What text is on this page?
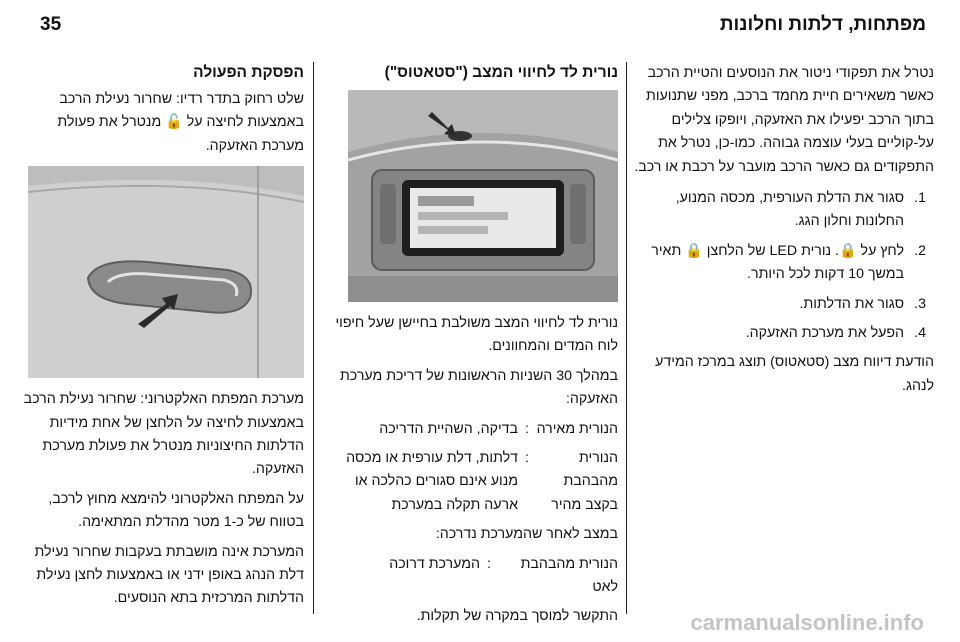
35	מפתחות, דלתות וחלונות

נטרל את תפקודי ניטור את הנוסעים והטיית הרכב כאשר משאירים חיית מחמד ברכב, מפני שתנועות בתוך הרכב יפעילו את האזעקה, ויופקו צלילים על-קוליים בעלי עוצמה גבוהה. כמו-כן, נטרל את התפקודים גם כאשר הרכב מועבר על רכבת או רכב.

1.
סגור את הדלת העורפית, מכסה המנוע, החלונות וחלון הגג.
2.
לחץ על 🔒. נורית LED של הלחצן 🔒 תאיר במשך 10 דקות לכל היותר.
3.
סגור את הדלתות.
4.
הפעל את מערכת האזעקה.

הודעת דיווח מצב (סטאטוס) תוצג במרכז המידע לנהג.

נורית לד לחיווי המצב ("סטאטוס")

נורית לד לחיווי המצב משולבת בחיישן שעל חיפוי לוח המדים והמחוונים.

במהלך 30 השניות הראשונות של דריכת מערכת האזעקה:

הנורית מאירה
:
בדיקה, השהיית הדריכה
הנורית מהבהבת בקצב מהיר
:
דלתות, דלת עורפית או מכסה מנוע אינם סגורים כהלכה או ארעה תקלה במערכת

במצב לאחר שהמערכת נדרכה:

הנורית מהבהבת לאט
:
המערכת דרוכה

התקשר למוסך במקרה של תקלות.

הפסקת הפעולה

שלט רחוק בתדר רדיו: שחרור נעילת הרכב באמצעות לחיצה על 🔓 מנטרל את פעולת מערכת האזעקה.

מערכת המפתח האלקטרוני: שחרור נעילת הרכב באמצעות לחיצה על הלחצן של אחת מידיות הדלתות החיצוניות מנטרל את פעולת מערכת האזעקה.

על המפתח האלקטרוני להימצא מחוץ לרכב, בטווח של כ-1 מטר מהדלת המתאימה.

המערכת אינה מושבתת בעקבות שחרור נעילת דלת הנהג באופן ידני או באמצעות לחצן נעילת הדלתות המרכזית בתא הנוסעים.

carmanualsonline.info
